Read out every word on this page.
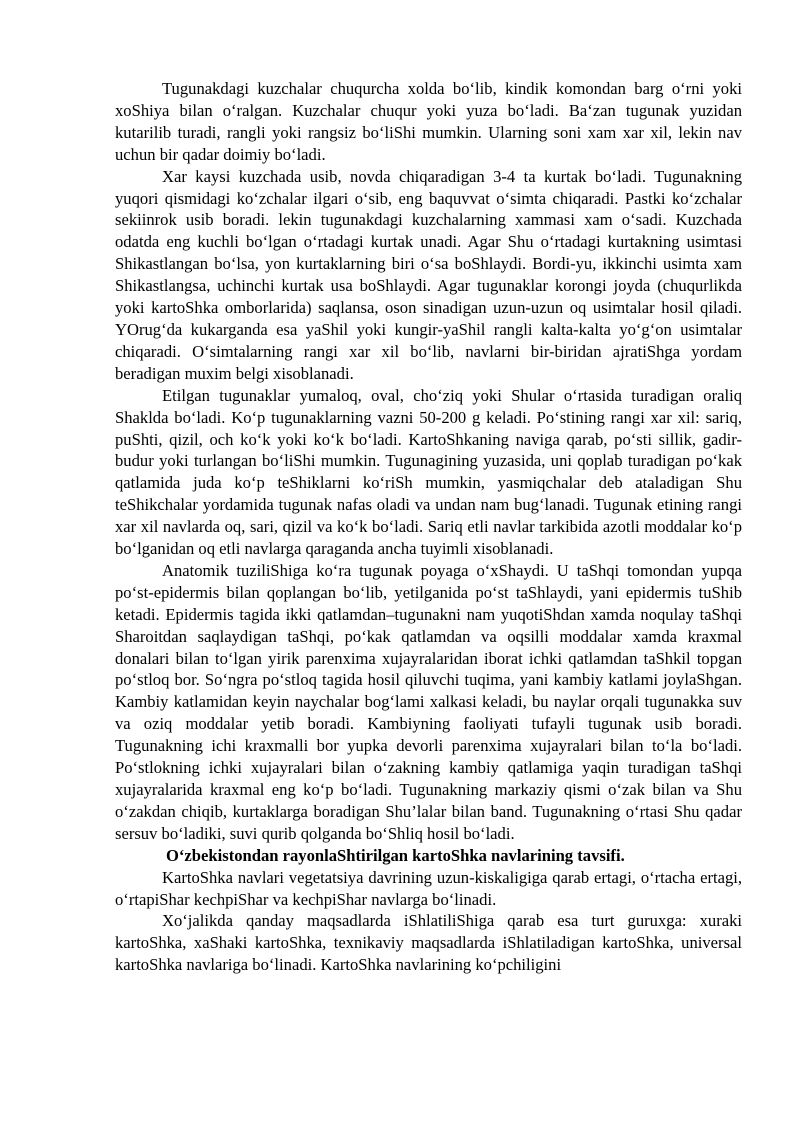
Tugunakdagi kuzchalar chuqurcha xolda boʻlib, kindik komondan barg oʻrni yoki xoShiya bilan oʻralgan. Kuzchalar chuqur yoki yuza boʻladi. Baʻzan tugunak yuzidan kutarilib turadi, rangli yoki rangsiz boʻliShi mumkin. Ularning soni xam xar xil, lekin nav uchun bir qadar doimiy boʻladi.

Xar kaysi kuzchada usib, novda chiqaradigan 3-4 ta kurtak boʻladi. Tugunakning yuqori qismidagi koʻzchalar ilgari oʻsib, eng baquvvat oʻsimta chiqaradi. Pastki koʻzchalar sekiinrok usib boradi. lekin tugunakdagi kuzchalarning xammasi xam oʻsadi. Kuzchada odatda eng kuchli boʻlgan oʻrtadagi kurtak unadi. Agar Shu oʻrtadagi kurtakning usimtasi Shikastlangan boʻlsa, yon kurtaklarning biri oʻsa boShlaydi. Bordi-yu, ikkinchi usimta xam Shikastlangsa, uchinchi kurtak usa boShlaydi. Agar tugunaklar korongi joyda (chuqurlikda yoki kartoShka omborlarida) saqlansa, oson sinadigan uzun-uzun oq usimtalar hosil qiladi. YOrugʻda kukarganda esa yaShil yoki kungir-yaShil rangli kalta-kalta yoʻgʻon usimtalar chiqaradi. Oʻsimtalarning rangi xar xil boʻlib, navlarni bir-biridan ajratiShga yordam beradigan muxim belgi xisoblanadi.

Etilgan tugunaklar yumaloq, oval, choʻziq yoki Shular oʻrtasida turadigan oraliq Shaklda boʻladi. Koʻp tugunaklarning vazni 50-200 g keladi. Poʻstining rangi xar xil: sariq, puShti, qizil, och koʻk yoki koʻk boʻladi. KartoShkaning naviga qarab, poʻsti sillik, gadir-budur yoki turlangan boʻliShi mumkin. Tugunagining yuzasida, uni qoplab turadigan poʻkak qatlamida juda koʻp teShiklarni koʻriSh mumkin, yasmiqchalar deb ataladigan Shu teShikchalar yordamida tugunak nafas oladi va undan nam bugʻlanadi. Tugunak etining rangi xar xil navlarda oq, sari, qizil va koʻk boʻladi. Sariq etli navlar tarkibida azotli moddalar koʻp boʻlganidan oq etli navlarga qaraganda ancha tuyimli xisoblanadi.

Anatomik tuziliShiga koʻra tugunak poyaga oʻxShaydi. U taShqi tomondan yupqa poʻst-epidermis bilan qoplangan boʻlib, yetilganida poʻst taShlaydi, yani epidermis tuShib ketadi. Epidermis tagida ikki qatlamdan–tugunakni nam yuqotiShdan xamda noqulay taShqi Sharoitdan saqlaydigan taShqi, poʻkak qatlamdan va oqsilli moddalar xamda kraxmal donalari bilan toʻlgan yirik parenxima xujayralaridan iborat ichki qatlamdan taShkil topgan poʻstloq bor. Soʻngra poʻstloq tagida hosil qiluvchi tuqima, yani kambiy katlami joylaShgan. Kambiy katlamidan keyin naychalar bogʻlami xalkasi keladi, bu naylar orqali tugunakka suv va oziq moddalar yetib boradi. Kambiyning faoliyati tufayli tugunak usib boradi. Tugunakning ichi kraxmalli bor yupka devorli parenxima xujayralari bilan toʻla boʻladi. Poʻstlokning ichki xujayralari bilan oʻzakning kambiy qatlamiga yaqin turadigan taShqi xujayralarida kraxmal eng koʻp boʻladi. Tugunakning markaziy qismi oʻzak bilan va Shu oʻzakdan chiqib, kurtaklarga boradigan Shu’lalar bilan band. Tugunakning oʻrtasi Shu qadar sersuv boʻladiki, suvi qurib qolganda boʻShliq hosil boʻladi.

Oʻzbekistondan rayonlaShtirilgan kartoShka navlarining tavsifi.

KartoShka navlari vegetatsiya davrining uzun-kiskaligiga qarab ertagi, oʻrtacha ertagi, oʻrtapiShar kechpiShar va kechpiShar navlarga boʻlinadi.

Xoʻjalikda qanday maqsadlarda iShlatiliShiga qarab esa turt guruxga: xuraki kartoShka, xaShaki kartoShka, texnikaviy maqsadlarda iShlatiladigan kartoShka, universal kartoShka navlariga boʻlinadi. KartoShka navlarining koʻpchiligini
